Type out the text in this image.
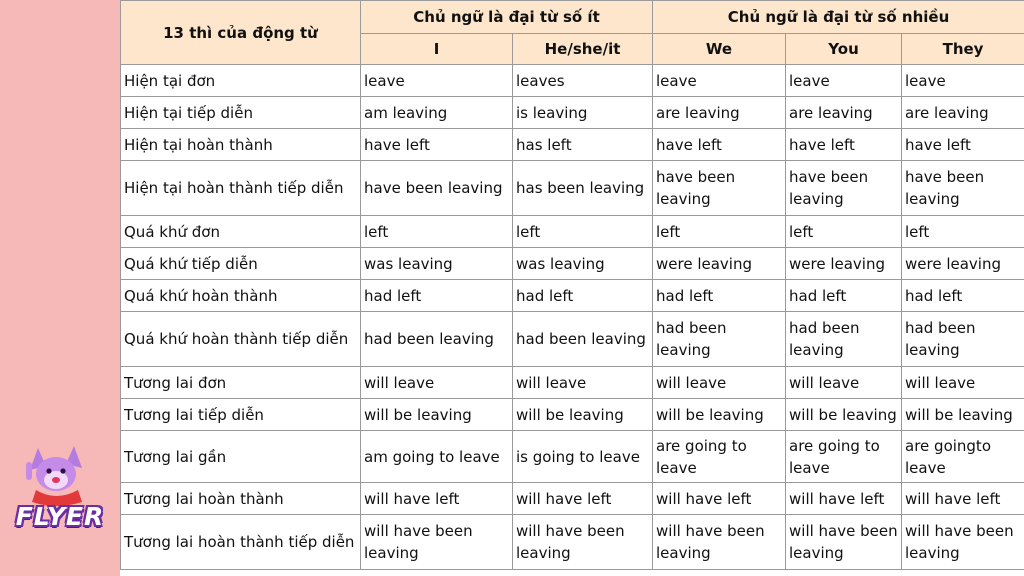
FLYER
13 thì của động từ	Chủ ngữ là đại từ số ít		Chủ ngữ là đại từ số nhiều		
	I	He/she/it	We	You	They
Hiện tại đơn	leave	leaves	leave	leave	leave
Hiện tại tiếp diễn	am leaving	is leaving	are leaving	are leaving	are leaving
Hiện tại hoàn thành	have left	has left	have left	have left	have left
Hiện tại hoàn thành tiếp diễn	have been leaving	has been leaving	have been leaving	have been leaving	have been leaving
Quá khứ đơn	left	left	left	left	left
Quá khứ tiếp diễn	was leaving	was leaving	were leaving	were leaving	were leaving
Quá khứ hoàn thành	had left	had left	had left	had left	had left
Quá khứ hoàn thành tiếp diễn	had been leaving	had been leaving	had been leaving	had been leaving	had been leaving
Tương lai đơn	will leave	will leave	will leave	will leave	will leave
Tương lai tiếp diễn	will be leaving	will be leaving	will be leaving	will be leaving	will be leaving
Tương lai gần	am going to leave	is going to leave	are going to leave	are going to leave	are goingto leave
Tương lai hoàn thành	will have left	will have left	will have left	will have left	will have left
Tương lai hoàn thành tiếp diễn	will have been leaving	will have been leaving	will have been leaving	will have been leaving	will have been leaving
